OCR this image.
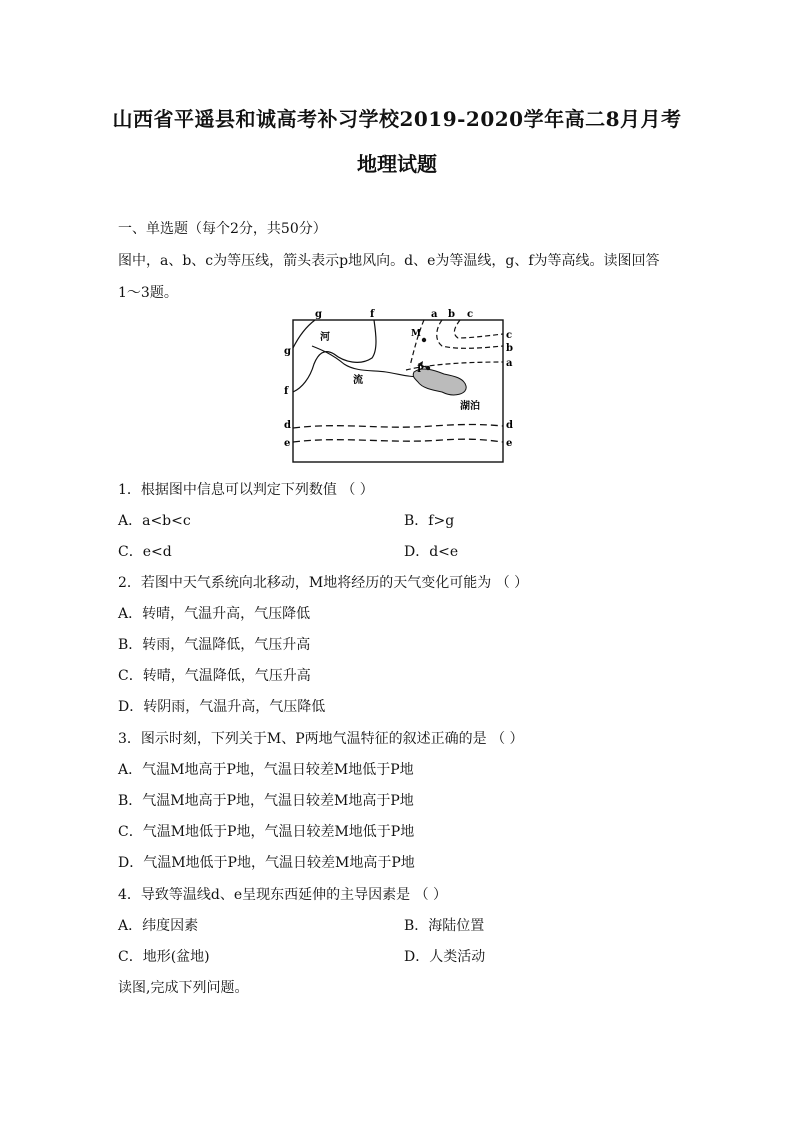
山西省平遥县和诚高考补习学校2019-2020学年高二8月月考
地理试题
一、单选题（每个2分，共50分）
图中，a、b、c为等压线，箭头表示p地风向。d、e为等温线，g、f为等高线。读图回答
1～3题。
g	f	a b c
M
P
c
b
a
g
f
d	d
e	e
河
流
湖泊
1．根据图中信息可以判定下列数值 （ ）
A．a<b<c	B．f>g
C．e<d	D．d<e
2．若图中天气系统向北移动，M地将经历的天气变化可能为 （ ）
A．转晴，气温升高，气压降低
B．转雨，气温降低，气压升高
C．转晴，气温降低，气压升高
D．转阴雨，气温升高，气压降低
3．图示时刻，下列关于M、P两地气温特征的叙述正确的是 （ ）
A．气温M地高于P地，气温日较差M地低于P地
B．气温M地高于P地，气温日较差M地高于P地
C．气温M地低于P地，气温日较差M地低于P地
D．气温M地低于P地，气温日较差M地高于P地
4．导致等温线d、e呈现东西延伸的主导因素是 （ ）
A．纬度因素	B．海陆位置
C．地形(盆地)	D．人类活动
读图,完成下列问题。
